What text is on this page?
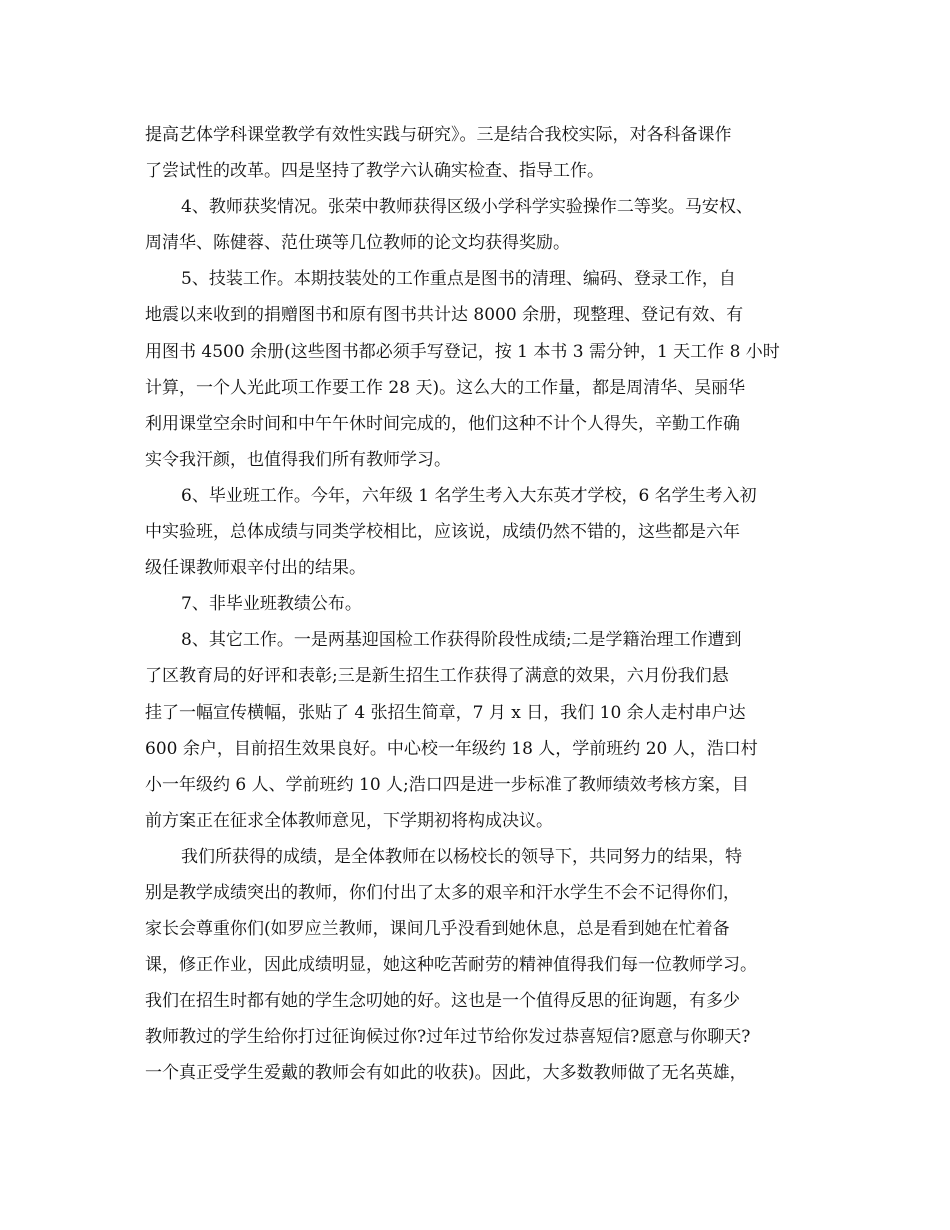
提高艺体学科课堂教学有效性实践与研究》。三是结合我校实际，对各科备课作
了尝试性的改革。四是坚持了教学六认确实检查、指导工作。
4、教师获奖情况。张荣中教师获得区级小学科学实验操作二等奖。马安权、
周清华、陈健蓉、范仕瑛等几位教师的论文均获得奖励。
5、技装工作。本期技装处的工作重点是图书的清理、编码、登录工作，自
地震以来收到的捐赠图书和原有图书共计达 8000 余册，现整理、登记有效、有
用图书 4500 余册(这些图书都必须手写登记，按 1 本书 3 需分钟，1 天工作 8 小时
计算，一个人光此项工作要工作 28 天)。这么大的工作量，都是周清华、吴丽华
利用课堂空余时间和中午午休时间完成的，他们这种不计个人得失，辛勤工作确
实令我汗颜，也值得我们所有教师学习。
6、毕业班工作。今年，六年级 1 名学生考入大东英才学校，6 名学生考入初
中实验班，总体成绩与同类学校相比，应该说，成绩仍然不错的，这些都是六年
级任课教师艰辛付出的结果。
7、非毕业班教绩公布。
8、其它工作。一是两基迎国检工作获得阶段性成绩;二是学籍治理工作遭到
了区教育局的好评和表彰;三是新生招生工作获得了满意的效果，六月份我们悬
挂了一幅宣传横幅，张贴了 4 张招生简章，7 月 x 日，我们 10 余人走村串户达
600 余户，目前招生效果良好。中心校一年级约 18 人，学前班约 20 人，浩口村
小一年级约 6 人、学前班约 10 人;浩口四是进一步标准了教师绩效考核方案，目
前方案正在征求全体教师意见，下学期初将构成决议。
我们所获得的成绩，是全体教师在以杨校长的领导下，共同努力的结果，特
别是教学成绩突出的教师，你们付出了太多的艰辛和汗水学生不会不记得你们，
家长会尊重你们(如罗应兰教师，课间几乎没看到她休息，总是看到她在忙着备
课，修正作业，因此成绩明显，她这种吃苦耐劳的精神值得我们每一位教师学习。
我们在招生时都有她的学生念叨她的好。这也是一个值得反思的征询题，有多少
教师教过的学生给你打过征询候过你?过年过节给你发过恭喜短信?愿意与你聊天?
一个真正受学生爱戴的教师会有如此的收获)。因此，大多数教师做了无名英雄，
